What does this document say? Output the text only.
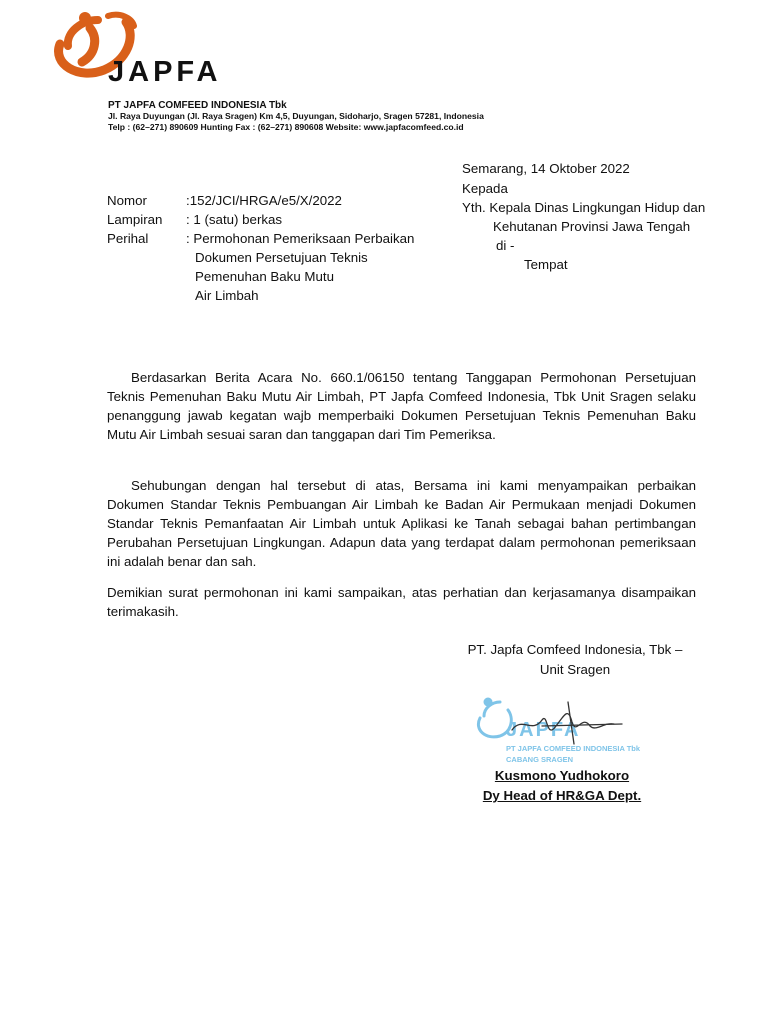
JAPFA
PT JAPFA COMFEED INDONESIA Tbk
Jl. Raya Duyungan (Jl. Raya Sragen) Km 4,5, Duyungan, Sidoharjo, Sragen 57281, Indonesia
Telp : (62–271) 890609 Hunting Fax : (62–271) 890608 Website: www.japfacomfeed.co.id
Semarang, 14 Oktober 2022
Kepada
Yth. Kepala Dinas Lingkungan Hidup dan
Kehutanan Provinsi Jawa Tengah
di -
Tempat
Nomor	:152/JCI/HRGA/e5/X/2022
Lampiran	: 1 (satu) berkas
Perihal	: Permohonan Pemeriksaan Perbaikan
Dokumen Persetujuan Teknis
Pemenuhan Baku Mutu
Air Limbah

Berdasarkan Berita Acara No. 660.1/06150 tentang Tanggapan Permohonan Persetujuan Teknis Pemenuhan Baku Mutu Air Limbah, PT Japfa Comfeed Indonesia, Tbk Unit Sragen selaku penanggung jawab kegatan wajb memperbaiki Dokumen Persetujuan Teknis Pemenuhan Baku Mutu Air Limbah sesuai saran dan tanggapan dari Tim Pemeriksa.

Sehubungan dengan hal tersebut di atas, Bersama ini kami menyampaikan perbaikan Dokumen Standar Teknis Pembuangan Air Limbah ke Badan Air Permukaan menjadi Dokumen Standar Teknis Pemanfaatan Air Limbah untuk Aplikasi ke Tanah sebagai bahan pertimbangan Perubahan Persetujuan Lingkungan. Adapun data yang terdapat dalam permohonan pemeriksaan ini adalah benar dan sah.

Demikian surat permohonan ini kami sampaikan, atas perhatian dan kerjasamanya disampaikan terimakasih.

PT. Japfa Comfeed Indonesia, Tbk –
Unit Sragen
JAPFA
PT JAPFA COMFEED INDONESIA Tbk
CABANG SRAGEN
Kusmono Yudhokoro
Dy Head of HR&GA Dept.
